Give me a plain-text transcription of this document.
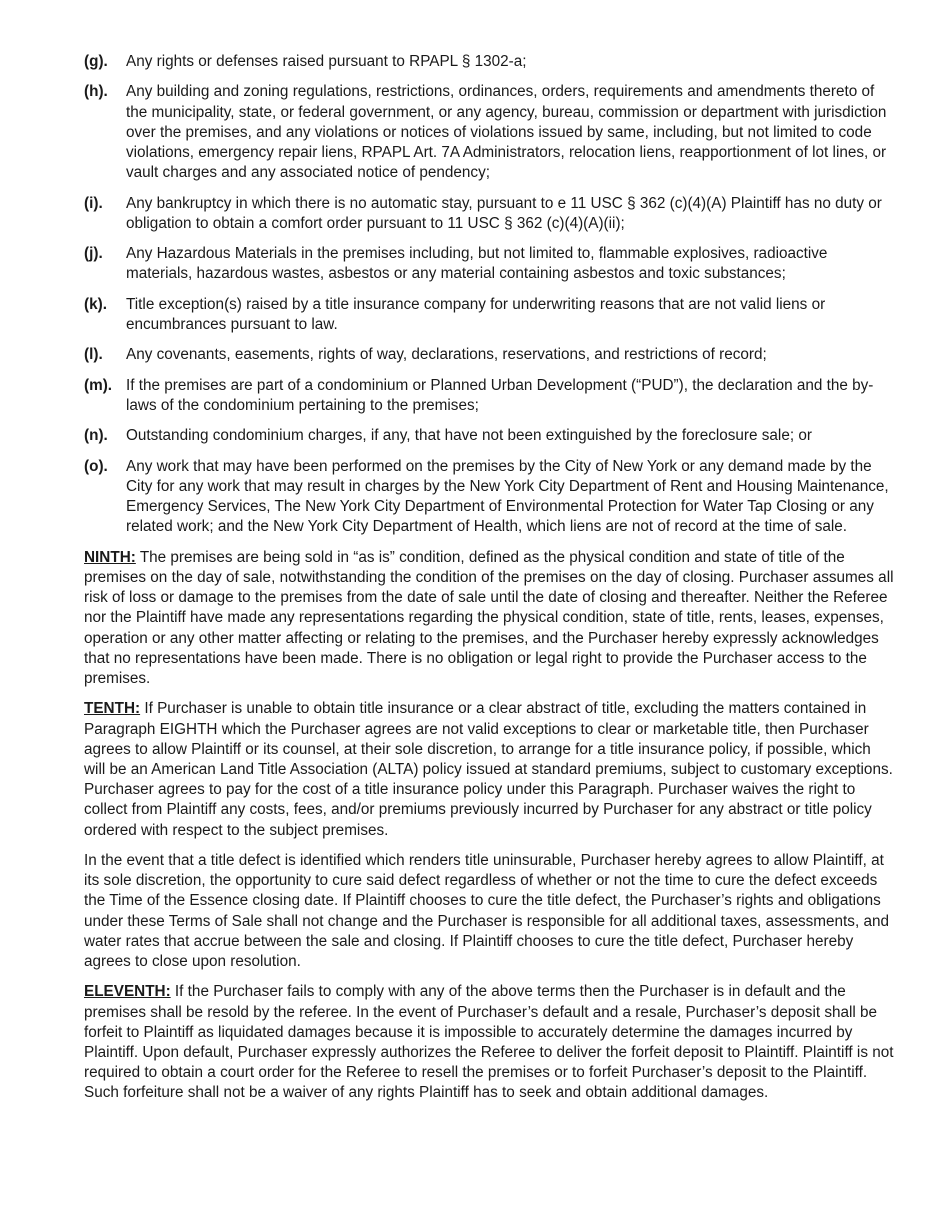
(g).	Any rights or defenses raised pursuant to RPAPL § 1302-a;
(h).	Any building and zoning regulations, restrictions, ordinances, orders, requirements and amendments thereto of the municipality, state, or federal government, or any agency, bureau, commission or department with jurisdiction over the premises, and any violations or notices of violations issued by same, including, but not limited to code violations, emergency repair liens, RPAPL Art. 7A Administrators, relocation liens, reapportionment of lot lines, or vault charges and any associated notice of pendency;
(i).	Any bankruptcy in which there is no automatic stay, pursuant to e 11 USC § 362 (c)(4)(A) Plaintiff has no duty or obligation to obtain a comfort order pursuant to 11 USC § 362 (c)(4)(A)(ii);
(j).	Any Hazardous Materials in the premises including, but not limited to, flammable explosives, radioactive materials, hazardous wastes, asbestos or any material containing asbestos and toxic substances;
(k).	Title exception(s) raised by a title insurance company for underwriting reasons that are not valid liens or encumbrances pursuant to law.
(l).	Any covenants, easements, rights of way, declarations, reservations, and restrictions of record;
(m). If the premises are part of a condominium or Planned Urban Development (“PUD”), the declaration and the by-laws of the condominium pertaining to the premises;
(n).	Outstanding condominium charges, if any, that have not been extinguished by the foreclosure sale; or
(o).	Any work that may have been performed on the premises by the City of New York or any demand made by the City for any work that may result in charges by the New York City Department of Rent and Housing Maintenance, Emergency Services, The New York City Department of Environmental Protection for Water Tap Closing or any related work; and the New York City Department of Health, which liens are not of record at the time of sale.

NINTH: The premises are being sold in “as is” condition, defined as the physical condition and state of title of the premises on the day of sale, notwithstanding the condition of the premises on the day of closing. Purchaser assumes all risk of loss or damage to the premises from the date of sale until the date of closing and thereafter. Neither the Referee nor the Plaintiff have made any representations regarding the physical condition, state of title, rents, leases, expenses, operation or any other matter affecting or relating to the premises, and the Purchaser hereby expressly acknowledges that no representations have been made. There is no obligation or legal right to provide the Purchaser access to the premises.

TENTH: If Purchaser is unable to obtain title insurance or a clear abstract of title, excluding the matters contained in Paragraph EIGHTH which the Purchaser agrees are not valid exceptions to clear or marketable title, then Purchaser agrees to allow Plaintiff or its counsel, at their sole discretion, to arrange for a title insurance policy, if possible, which will be an American Land Title Association (ALTA) policy issued at standard premiums, subject to customary exceptions. Purchaser agrees to pay for the cost of a title insurance policy under this Paragraph. Purchaser waives the right to collect from Plaintiff any costs, fees, and/or premiums previously incurred by Purchaser for any abstract or title policy ordered with respect to the subject premises.

In the event that a title defect is identified which renders title uninsurable, Purchaser hereby agrees to allow Plaintiff, at its sole discretion, the opportunity to cure said defect regardless of whether or not the time to cure the defect exceeds the Time of the Essence closing date. If Plaintiff chooses to cure the title defect, the Purchaser’s rights and obligations under these Terms of Sale shall not change and the Purchaser is responsible for all additional taxes, assessments, and water rates that accrue between the sale and closing. If Plaintiff chooses to cure the title defect, Purchaser hereby agrees to close upon resolution.

ELEVENTH: If the Purchaser fails to comply with any of the above terms then the Purchaser is in default and the premises shall be resold by the referee. In the event of Purchaser’s default and a resale, Purchaser’s deposit shall be forfeit to Plaintiff as liquidated damages because it is impossible to accurately determine the damages incurred by Plaintiff. Upon default, Purchaser expressly authorizes the Referee to deliver the forfeit deposit to Plaintiff. Plaintiff is not required to obtain a court order for the Referee to resell the premises or to forfeit Purchaser’s deposit to the Plaintiff. Such forfeiture shall not be a waiver of any rights Plaintiff has to seek and obtain additional damages.
